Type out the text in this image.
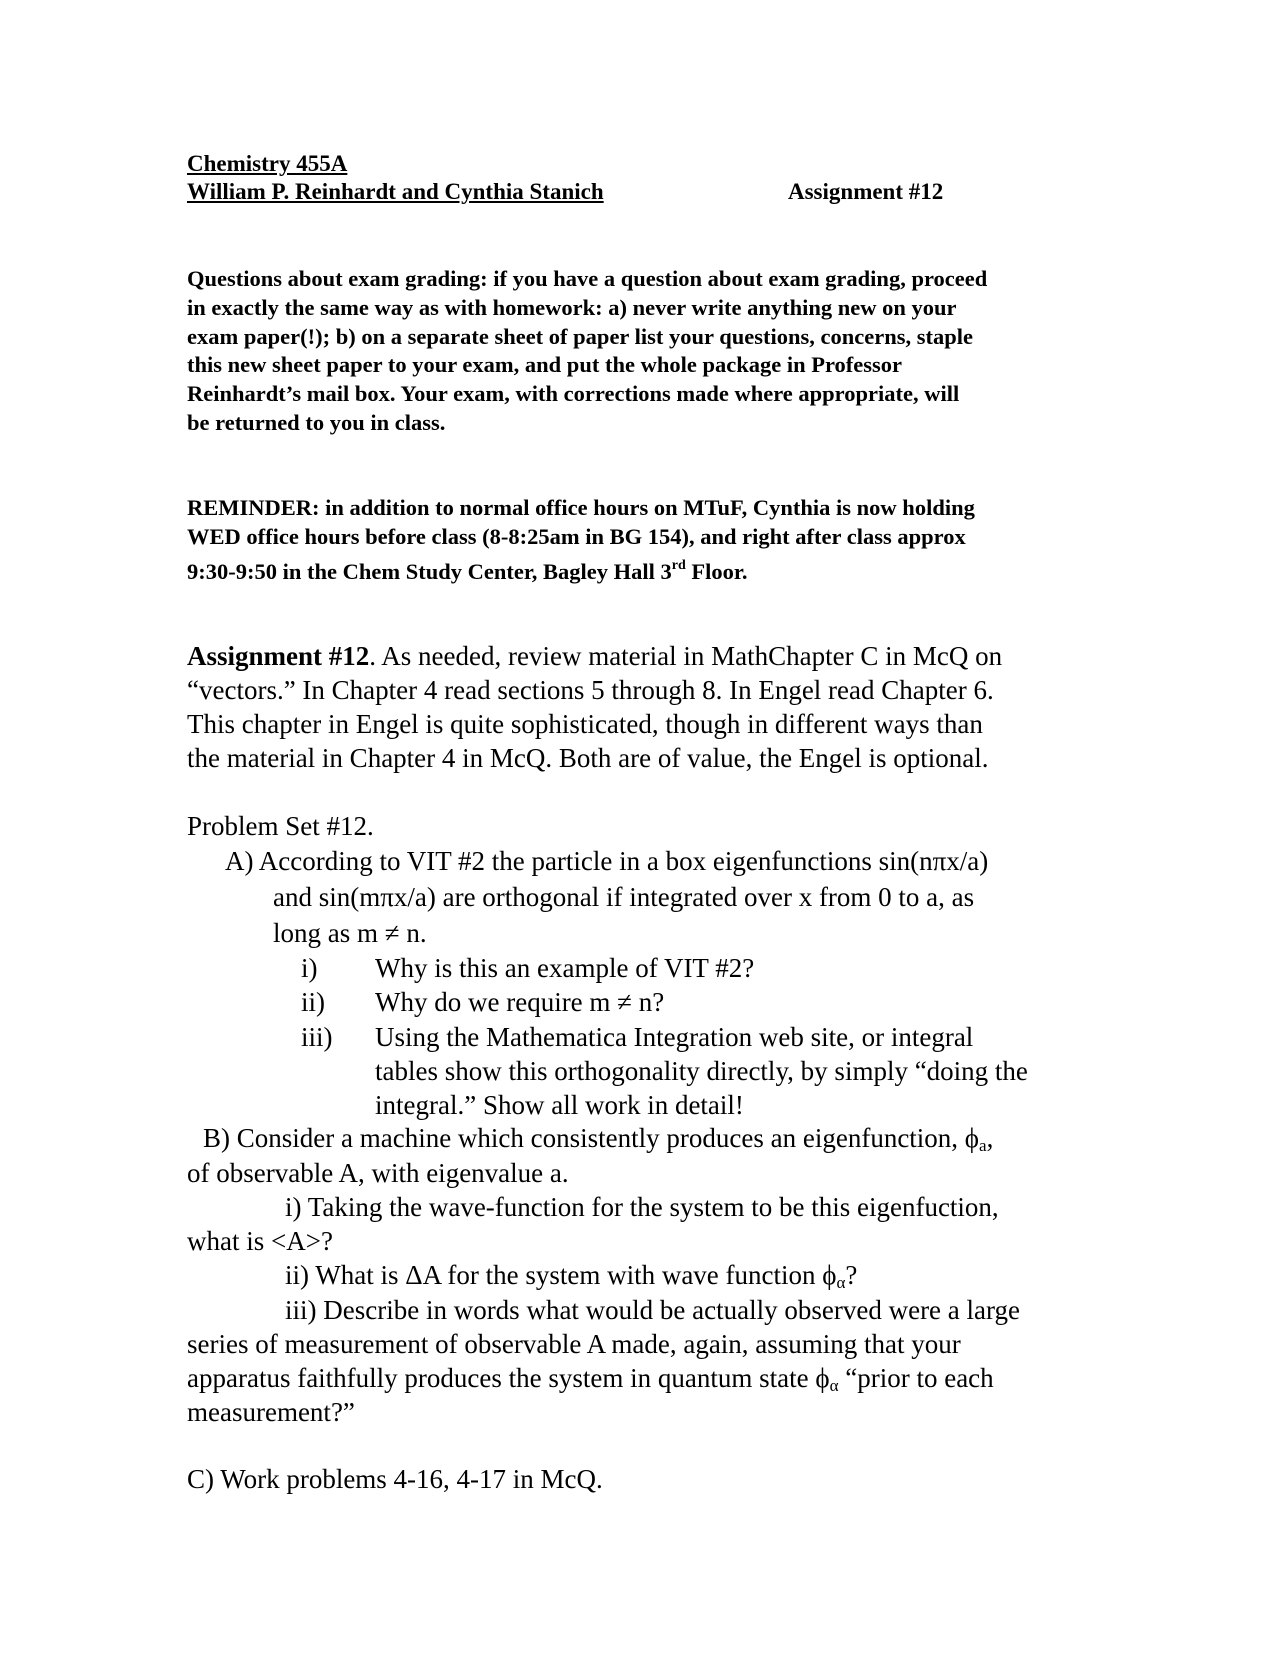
Chemistry 455A
William P. Reinhardt and Cynthia Stanich	Assignment #12

Questions about exam grading: if you have a question about exam grading, proceed

in exactly the same way as with homework: a) never write anything new on your

exam paper(!); b) on a separate sheet of paper list your questions, concerns, staple

this new sheet paper to your exam, and put the whole package in Professor

Reinhardt’s mail box. Your exam, with corrections made where appropriate, will

be returned to you in class.

REMINDER: in addition to normal office hours on MTuF, Cynthia is now holding

WED office hours before class (8-8:25am in BG 154), and right after class approx

9:30-9:50 in the Chem Study Center, Bagley Hall 3rd Floor.

Assignment #12. As needed, review material in MathChapter C in McQ on
“vectors.” In Chapter 4 read sections 5 through 8. In Engel read Chapter 6.
This chapter in Engel is quite sophisticated, though in different ways than
the material in Chapter 4 in McQ. Both are of value, the Engel is optional.
Problem Set #12.
A) According to VIT #2 the particle in a box eigenfunctions sin(nπx/a)
and sin(mπx/a) are orthogonal if integrated over x from 0 to a, as
long as m ≠ n.
i) Why is this an example of VIT #2?
ii) Why do we require m ≠ n?
iii) Using the Mathematica Integration web site, or integral
tables show this orthogonality directly, by simply “doing the
integral.” Show all work in detail!
B) Consider a machine which consistently produces an eigenfunction, $\phi_a$,
of observable A, with eigenvalue a.
i) Taking the wave-function for the system to be this eigenfuction,
what is <A>?
ii) What is ΔA for the system with wave function $\phi_\alpha$?
iii) Describe in words what would be actually observed were a large
series of measurement of observable A made, again, assuming that your
apparatus faithfully produces the system in quantum state $\phi_\alpha$ “prior to each
measurement?”
C) Work problems 4-16, 4-17 in McQ.
